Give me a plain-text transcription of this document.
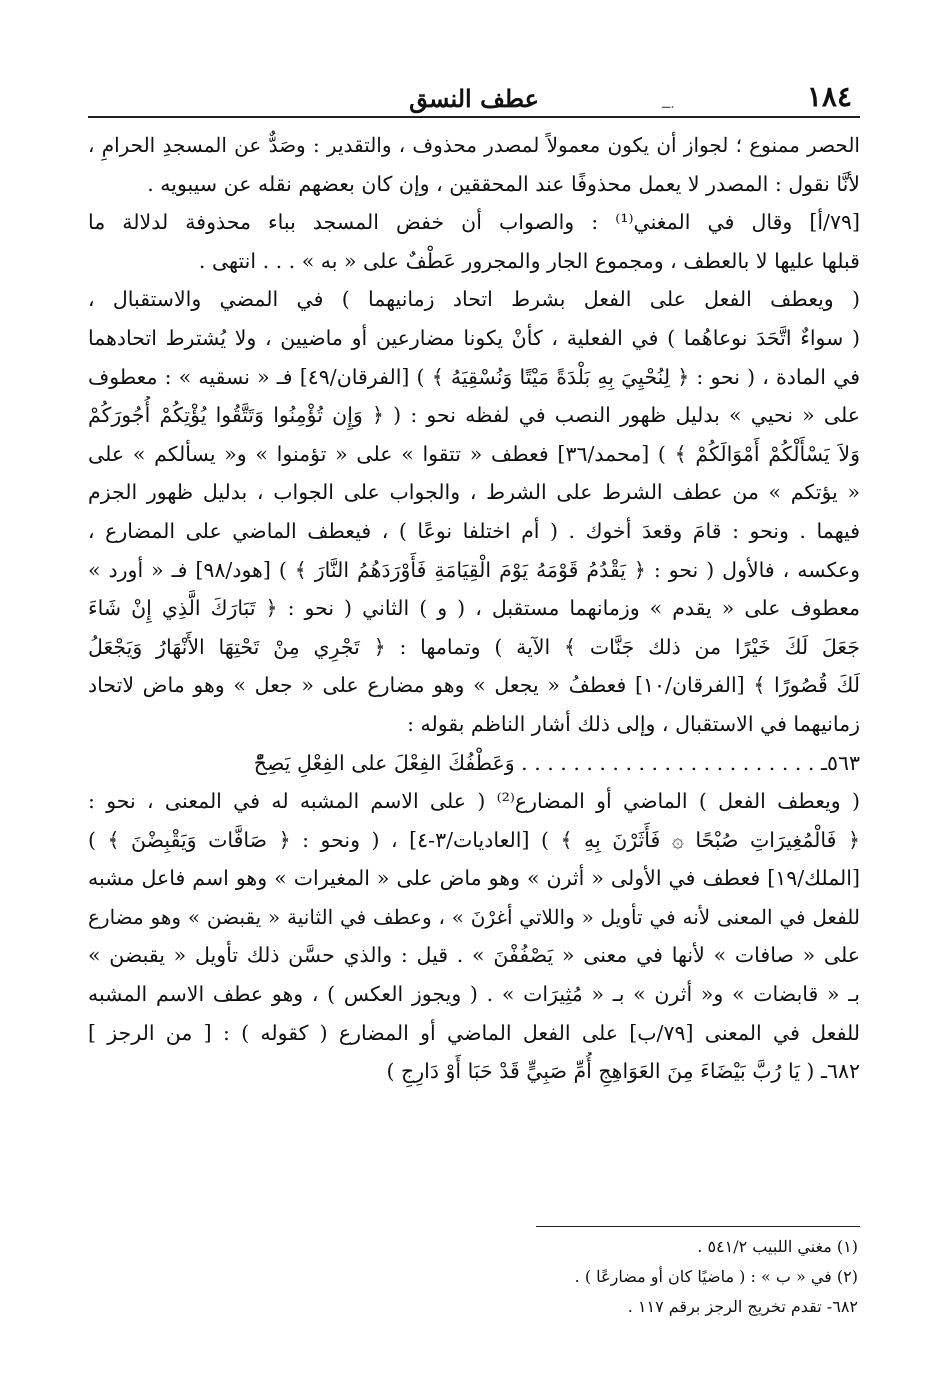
١٨٤
عطف النسق	ــ.
الحصر ممنوع ؛ لجواز أن يكون معمولاً لمصدر محذوف ، والتقدير : وصَدٌّ عن المسجدِ الحرامِ ،
لأنَّا نقول : المصدر لا يعمل محذوفًا عند المحققين ، وإن كان بعضهم نقله عن سيبويه .
[٧٩/أ] وقال في المغني⁽¹⁾ : والصواب أن خفض المسجد بباء محذوفة لدلالة ما
قبلها عليها لا بالعطف ، ومجموع الجار والمجرور عَطْفٌ على « به » . . . انتهى .
( ويعطف الفعل على الفعل بشرط اتحاد زمانيهما ) في المضي والاستقبال ،
( سواءٌ اتَّحَدَ نوعاهُما ) في الفعلية ، كأنْ يكونا مضارعين أو ماضيين ، ولا يُشترط اتحادهما
في المادة ، ( نحو : ﴿ لِنُحْيِيَ بِهِ بَلْدَةً مَيْتًا وَنُسْقِيَهُ ﴾ ) [الفرقان/٤٩] فـ « نسقيه » : معطوف
على « نحيي » بدليل ظهور النصب في لفظه نحو : ( ﴿ وَإِن تُؤْمِنُوا وَتَتَّقُوا يُؤْتِكُمْ أُجُورَكُمْ
وَلاَ يَسْأَلْكُمْ أَمْوَالَكُمْ ﴾ ) [محمد/٣٦] فعطف « تتقوا » على « تؤمنوا » و« يسألكم » على
« يؤتكم » من عطف الشرط على الشرط ، والجواب على الجواب ، بدليل ظهور الجزم
فيهما . ونحو : قامَ وقعدَ أخوك . ( أم اختلفا نوعًا ) ، فيعطف الماضي على المضارع ،
وعكسه ، فالأول ( نحو : ﴿ يَقْدُمُ قَوْمَهُ يَوْمَ الْقِيَامَةِ فَأَوْرَدَهُمُ النَّارَ ﴾ ) [هود/٩٨] فـ « أورد »
معطوف على « يقدم » وزمانهما مستقبل ، ( و ) الثاني ( نحو : ﴿ تَبَارَكَ الَّذِي إِنْ شَاءَ
جَعَلَ لَكَ خَيْرًا من ذلك جَنَّات ﴾ الآية ) وتمامها : ﴿ تَجْرِي مِنْ تَحْتِهَا الأَنْهَارُ وَيَجْعَلُ
لَكَ قُصُورًا ﴾ [الفرقان/١٠] فعطفُ « يجعل » وهو مضارع على « جعل » وهو ماض لاتحاد
زمانيهما في الاستقبال ، وإلى ذلك أشار الناظم بقوله :
٥٦٣ـ . . . . . . . . . . . . . . . . . . . . . . . وَعَطْفُكَ الفِعْلَ على الفِعْلِ يَصِحّْ
( ويعطف الفعل ) الماضي أو المضارع⁽²⁾ ( على الاسم المشبه له في المعنى ، نحو :
﴿ فَالْمُغِيرَاتِ صُبْحًا ۞ فَأَثَرْنَ بِهِ ﴾ ) [العاديات/٣-٤] ، ( ونحو : ﴿ صَافَّات وَيَقْبِضْنَ ﴾ )
[الملك/١٩] فعطف في الأولى « أثرن » وهو ماض على « المغيرات » وهو اسم فاعل مشبه
للفعل في المعنى لأنه في تأويل « واللاتي أغرْنَ » ، وعطف في الثانية « يقبضن » وهو مضارع
على « صافات » لأنها في معنى « يَصْفُفْنَ » . قيل : والذي حسَّن ذلك تأويل « يقبضن »
بـ « قابضات » و« أثرن » بـ « مُثِيرَات » . ( ويجوز العكس ) ، وهو عطف الاسم المشبه
للفعل في المعنى [٧٩/ب] على الفعل الماضي أو المضارع ( كقوله ) : [ من الرجز ]
٦٨٢ـ ( يَا رُبَّ بَيْضَاءَ مِنَ العَوَاهِجِ أُمِّ صَبِيٍّ قَدْ حَبَا أَوْ دَارِجِ )
(١) مغني اللبيب ٥٤١/٢ .
(٢) في « ب » : ( ماضيًا كان أو مضارعًا ) .
٦٨٢- تقدم تخريج الرجز برقم ١١٧ .
